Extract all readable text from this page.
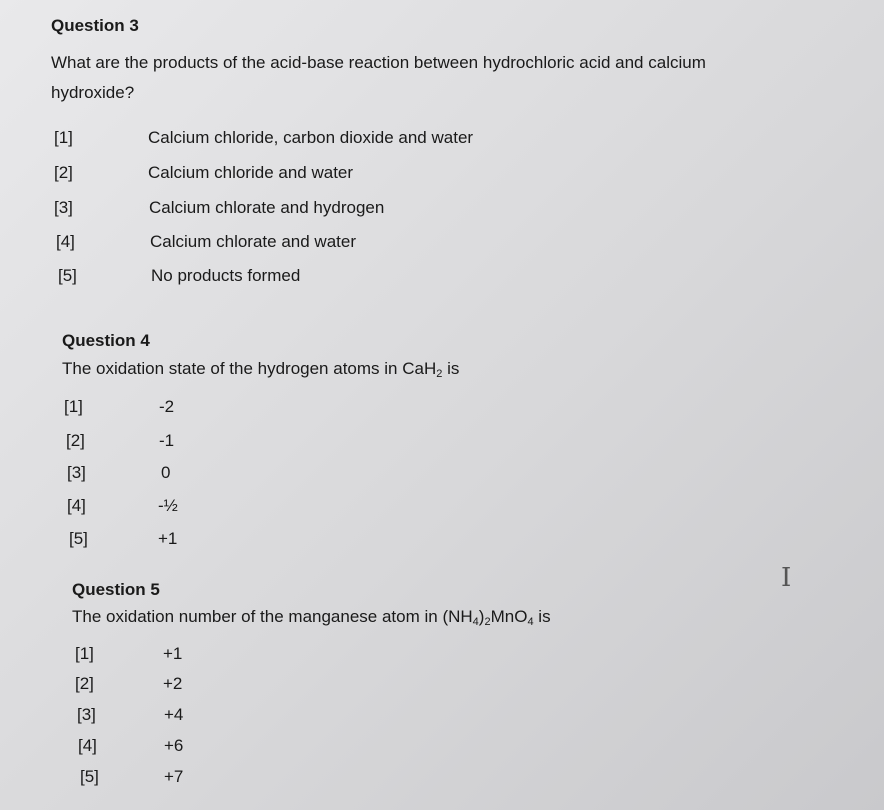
Question 3

What are the products of the acid-base reaction between hydrochloric acid and calcium

hydroxide?

[1]	Calcium chloride, carbon dioxide and water
[2]	Calcium chloride and water
[3]	Calcium chlorate and hydrogen
[4]	Calcium chlorate and water
[5]	No products formed

Question 4

The oxidation state of the hydrogen atoms in CaH$_2$ is

[1]	-2
[2]	-1
[3]	0
[4]	-½
[5]	+1

Question 5

The oxidation number of the manganese atom in $(NH_4)_2MnO_4$ is

[1]	+1
[2]	+2
[3]	+4
[4]	+6
[5]	+7
I
